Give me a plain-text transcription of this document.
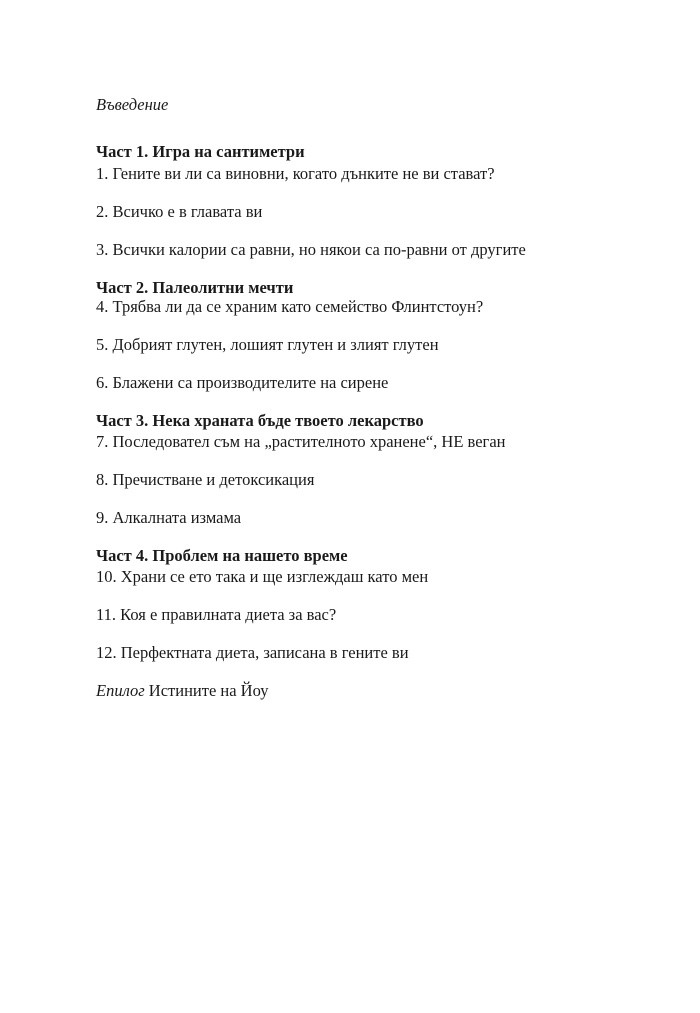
Въведение

Част 1. Игра на сантиметри

1. Гените ви ли са виновни, когато дънките не ви стават?

2. Всичко е в главата ви

3. Всички калории са равни, но някои са по-равни от другите

Част 2. Палеолитни мечти

4. Трябва ли да се храним като семейство Флинтстоун?

5. Добрият глутен, лошият глутен и злият глутен

6. Блажени са производителите на сирене

Част 3. Нека храната бъде твоето лекарство

7. Последовател съм на „растителното хранене“, НЕ веган

8. Пречистване и детоксикация

9. Алкалната измама

Част 4. Проблем на нашето време

10. Храни се ето така и ще изглеждаш като мен

11. Коя е правилната диета за вас?

12. Перфектната диета, записана в гените ви

Епилог Истините на Йоу
